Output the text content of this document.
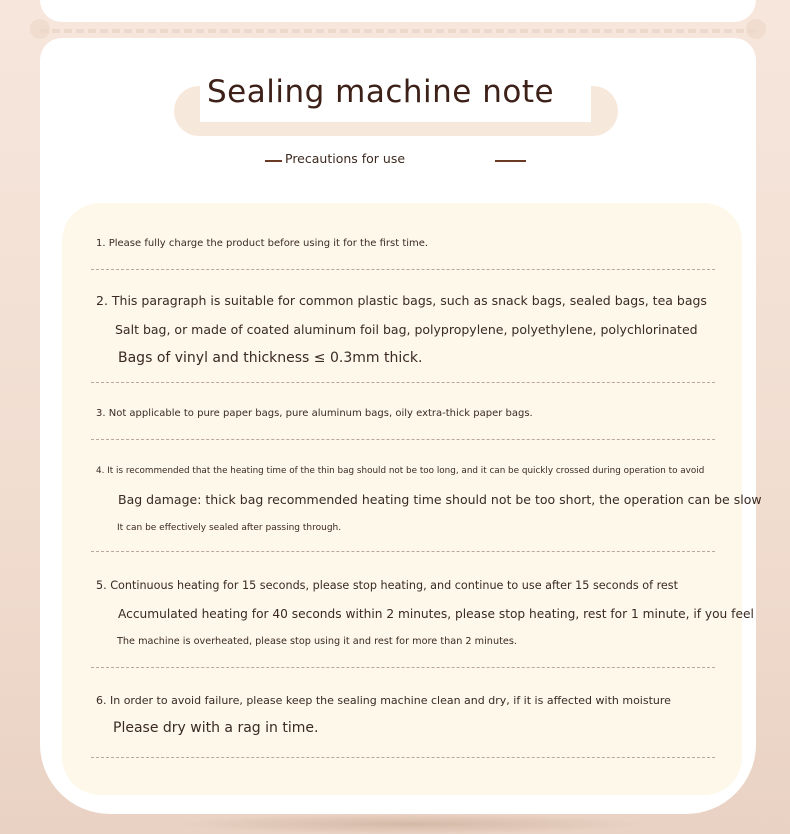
Sealing machine note
Precautions for use
1. Please fully charge the product before using it for the first time.
2. This paragraph is suitable for common plastic bags, such as snack bags, sealed bags, tea bags
Salt bag, or made of coated aluminum foil bag, polypropylene, polyethylene, polychlorinated
Bags of vinyl and thickness ≤ 0.3mm thick.
3. Not applicable to pure paper bags, pure aluminum bags, oily extra-thick paper bags.
4. It is recommended that the heating time of the thin bag should not be too long, and it can be quickly crossed during operation to avoid
Bag damage: thick bag recommended heating time should not be too short, the operation can be slow
It can be effectively sealed after passing through.
5. Continuous heating for 15 seconds, please stop heating, and continue to use after 15 seconds of rest
Accumulated heating for 40 seconds within 2 minutes, please stop heating, rest for 1 minute, if you feel
The machine is overheated, please stop using it and rest for more than 2 minutes.
6. In order to avoid failure, please keep the sealing machine clean and dry, if it is affected with moisture
Please dry with a rag in time.
